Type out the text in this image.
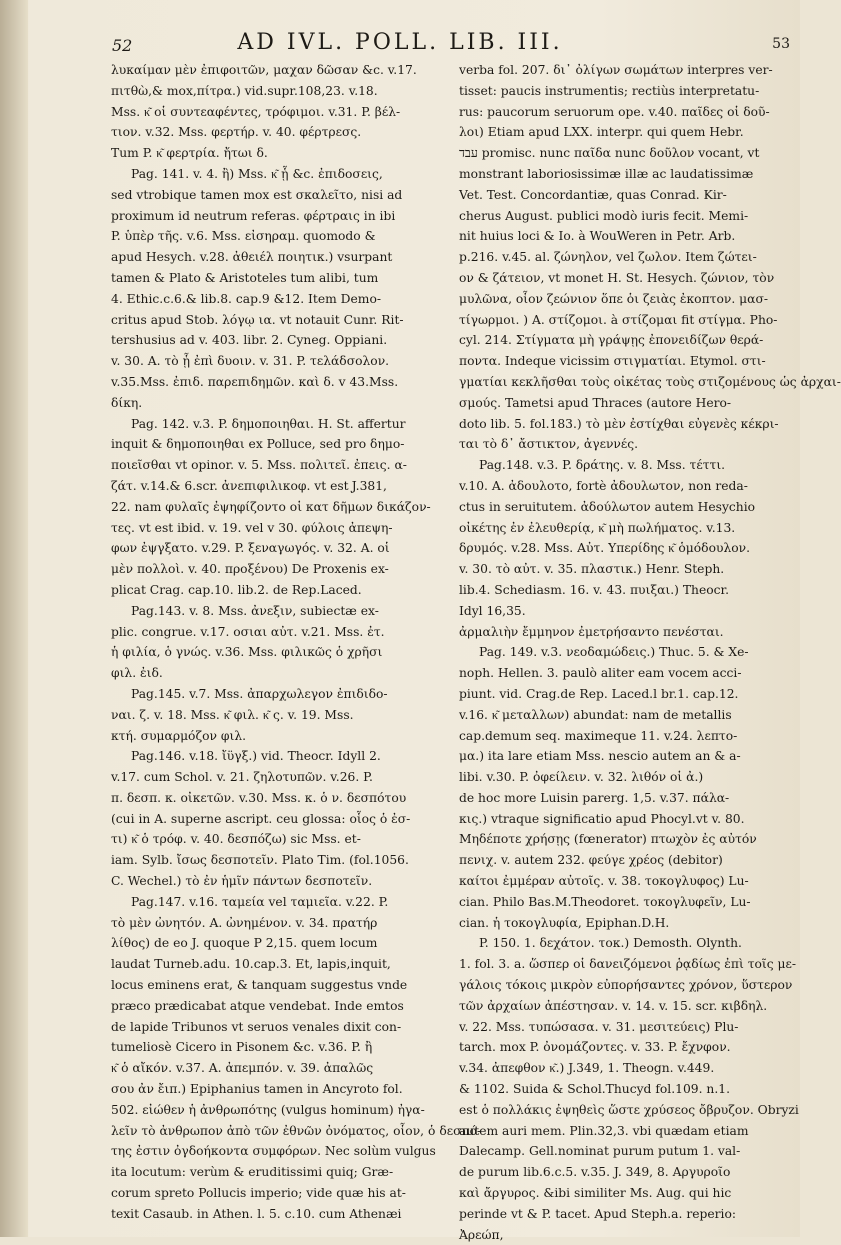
52	AD IVL. POLL. LIB. III.	53
λυκαίμαν μὲν ἐπιφοιτῶν, μαχαν δῶσαν &c. v.17.
πιτθὼ,& mox,πίτρα.) vid.supr.108,23. v.18.
Mss. κ͂ οἱ συντεαφέντες, τρόφιμοι. v.31. P. βέλ-
τιον. v.32. Mss. φερτήρ. v. 40. φέρτρεσς.
Tum P. κ͂ φερτρία. ἤτωι δ.
Pag. 141. v. 4. ἢ) Mss. κ͂ ᾗ &c. ἐπιδοσεις,
sed vtrobique tamen mox est σκαλεῖτο, nisi ad
proximum id neutrum referas. φέρτραις in ibi
P. ὑπὲρ τῆς. v.6. Mss. εἰσηραμ. quomodo &
apud Hesych. v.28. ἀθειέλ ποιητικ.) vsurpant
tamen & Plato & Aristoteles tum alibi, tum
4. Ethic.c.6.& lib.8. cap.9 &12. Item Demo-
critus apud Stob. λόγῳ ια. vt notauit Cunr. Rit-
tershusius ad v. 403. libr. 2. Cyneg. Oppiani.
v. 30. A. τὸ ᾗ ἐπὶ δυοιν. v. 31. P. τελάδσολον.
v.35.Mss. ἐπιδ. παρεπιδημῶν. καὶ δ. v 43.Mss.
δίκη.
Pag. 142. v.3. P. δημοποιηθαι. H. St. affertur
inquit & δημοποιηθαι ex Polluce, sed pro δημο-
ποιεῖσθαι vt opinor. v. 5. Mss. πολιτεῖ. ἐπεις. α-
ζάτ. v.14.& 6.scr. ἀνεπιφιλικοφ. vt est ͅJ.381,
22. nam φυλαῖς ἐψηφίζοντο οἱ κατ δῆμων δικάζον-
τες. vt est ibid. v. 19. vel v 30. φύλοις ἀπεψη-
φων ἐψγξατο. v.29. P. ξεναγωγός. v. 32. A. οἱ
μὲν πολλοὶ. v. 40. προξένου) De Proxenis ex-
plicat Crag. cap.10. lib.2. de Rep.Laced.
Pag.143. v. 8. Mss. ἀνεξιν, subiectæ ex-
plic. congrue. v.17. οσιαι αὐτ. v.21. Mss. ἐτ.
ἡ φιλία, ὁ γνώς. v.36. Mss. φιλικῶς ὁ χρῆσι
φιλ. ἐιδ.
Pag.145. v.7. Mss. ἀπαρχωλεγον ἐπιδιδο-
ναι. ζ. v. 18. Mss. κ͂ φιλ. κ͂ ς. v. 19. Mss.
κτή. συμαρμόζον φιλ.
Pag.146. v.18. ἴϋγξ.) vid. Theocr. Idyll 2.
v.17. cum Schol. v. 21. ζηλοτυπῶν. v.26. P.
π. δεσπ. κ. οἰκετῶν. v.30. Mss. κ. ὁ ν. δεσπότου
(cui in A. superne ascript. ceu glossa: οἷος ὁ ἐσ-
τι) κ͂ ὁ τρόφ. v. 40. δεσπόζω) sic Mss. et-
iam. Sylb. ἴσως δεσποτεῖν. Plato Tim. (fol.1056.
C. Wechel.) τὸ ἐν ἡμῖν πάντων δεσποτεῖν.
Pag.147. v.16. ταμεία vel ταμιεῖα. v.22. P.
τὸ μὲν ὠνητόν. A. ὠνημένον. v. 34. πρατήρ
λίθος) de eo J. quoque P 2,15. quem locum
laudat Turneb.adu. 10.cap.3. Et, lapis,inquit,
locus eminens erat, & tanquam suggestus vnde
præco prædicabat atque vendebat. Inde emtos
de lapide Tribunos vt seruos venales dixit con-
tumeliosè Cicero in Pisonem &c. v.36. P. ἢ
κ͂ ὁ αἴκόν. v.37. A. ἀπεμπόν. v. 39. ἀπαλῶς
σου ἀν ἔιπ.) Epiphanius tamen in Ancyroto fol.
502. εἰώθεν ἡ ἀνθρωπότης (vulgus hominum) ἠγα-
λεῖν τὸ ἀνθρωπον ἀπὸ τῶν ἐθνῶν ὀνόματος, οἷον, ὁ δεσπό-
της ἐστιν ὀγδοήκοντα συμφόρων. Nec solùm vulgus
ita locutum: verùm & eruditissimi quiq; Græ-
corum spreto Pollucis imperio; vide quæ his at-
texit Casaub. in Athen. l. 5. c.10. cum Athenæi
verba fol. 207. δι᾽ ὀλίγων σωμάτων interpres ver-
tisset: paucis instrumentis; rectiùs interpretatu-
rus: paucorum seruorum ope. v.40. παῖδες οἱ δοῦ-
λοι) Etiam apud LXX. interpr. qui quem Hebr.
עבד promisc. nunc παῖδα nunc δοῦλον vocant, vt
monstrant laboriosissimæ illæ ac laudatissimæ
Vet. Test. Concordantiæ, quas Conrad. Kir-
cherus August. publici modò iuris fecit. Memi-
nit huius loci & Io. à WouWeren in Petr. Arb.
p.216. v.45. al. ζώνηλον, vel ζωλον. Item ζώτει-
ον & ζάτειον, vt monet H. St. Hesych. ζώνιον, τὸν
μυλῶνα, οἷον ζεώνιον ὅπε ὁι ζειὰς ἐκοπτον. μασ-
τίγωρμοι. ) A. στίζομοι. à στίζομαι fit στίγμα. Pho-
cyl. 214. Στίγματα μὴ γράψῃς ἐπονειδίζων θερά-
ποντα. Indeque vicissim στιγματίαι. Etymol. στι-
γματίαι κεκλῆσθαι τοὺς οἰκέτας τοὺς στιζομένους ὡς ἀρχαι-
σμούς. Tametsi apud Thraces (autore Hero-
doto lib. 5. fol.183.) τὸ μὲν ἐστίχθαι εὐγενὲς κέκρι-
ται τὸ δ᾽ ἄστικτον, ἀγεννές.
Pag.148. v.3. P. δράτης. v. 8. Mss. τέττι.
v.10. A. ἀδουλοτο, fortè ἀδουλωτον, non reda-
ctus in seruitutem. ἀδούλωτον autem Hesychio
οἰκέτης ἐν ἐλευθερίᾳ, κ͂ μὴ πωλήματος. v.13.
δρυμός. v.28. Mss. Αὐτ. Υπερίδης κ͂ ὁμόδουλον.
v. 30. τὸ αὐτ. v. 35. πλαστικ.) Henr. Steph.
lib.4. Schediasm. 16. v. 43. πυιξαι.) Theocr.
Idyl 16,35.
ἀρμαλιὴν ἔμμηνον ἐμετρήσαντο πενέσται.
Pag. 149. v.3. νεοδαμώδεις.) Thuc. 5. & Xe-
noph. Hellen. 3. paulò aliter eam vocem acci-
piunt. vid. Crag.de Rep. Laced.l br.1. cap.12.
v.16. κ͂ μεταλλων) abundat: nam de metallis
cap.demum seq. maximeque 11. v.24. λεπτο-
μα.) ita lare etiam Mss. nescio autem an & a-
libi. v.30. P. ὀφείλειν. v. 32. λιθόν οἱ ἀ.)
de hoc more Luisin parerg. 1,5. v.37. πάλα-
κις.) vtraque significatio apud Phocyl.vt v. 80.
Μηδέποτε χρήσῃς (fœnerator) πτωχὸν ἐς αὐτόν
πενιχ. v. autem 232. φεύγε χρέος (debitor)
καίτοι ἐμμέραν αὐτοῖς. v. 38. τοκογλυφος) Lu-
cian. Philo Bas.M.Theodoret. τοκογλυφεῖν, Lu-
cian. ἡ τοκογλυφία, Epiphan.D.H.
P. 150. 1. δεχάτον. τοκ.) Demosth. Olynth.
1. fol. 3. a. ὥσπερ οἱ δανειζόμενοι ῥᾳδίως ἐπὶ τοῖς με-
γάλοις τόκοις μικρὸν εὐπορήσαντες χρόνον, ὕστερον
τῶν ἀρχαίων ἀπέστησαν. v. 14. v. 15. scr. κιβδηλ.
v. 22. Mss. τυπώσασα. v. 31. μεσιτεύεις) Plu-
tarch. mox P. ὀνομάζοντες. v. 33. P. ἔχνφον.
v.34. ἀπεφθον κ͂.) J.349, 1. Theogn. v.449.
& 1102. Suida & Schol.Thucyd fol.109. n.1.
est ὁ πολλάκις ἐψηθεὶς ὥστε χρύσεος ὄβρυζον. Obryzi
autem auri mem. Plin.32,3. vbi quædam etiam
Dalecamp. Gell.nominat purum putum 1. val-
de purum lib.6.c.5. v.35. J. 349, 8. Αργυροῖο
καὶ ἄργυρος. &ibi similiter Ms. Aug. qui hic
perinde vt & P. tacet. Apud Steph.a. reperio:
Ἀρεώπ,
